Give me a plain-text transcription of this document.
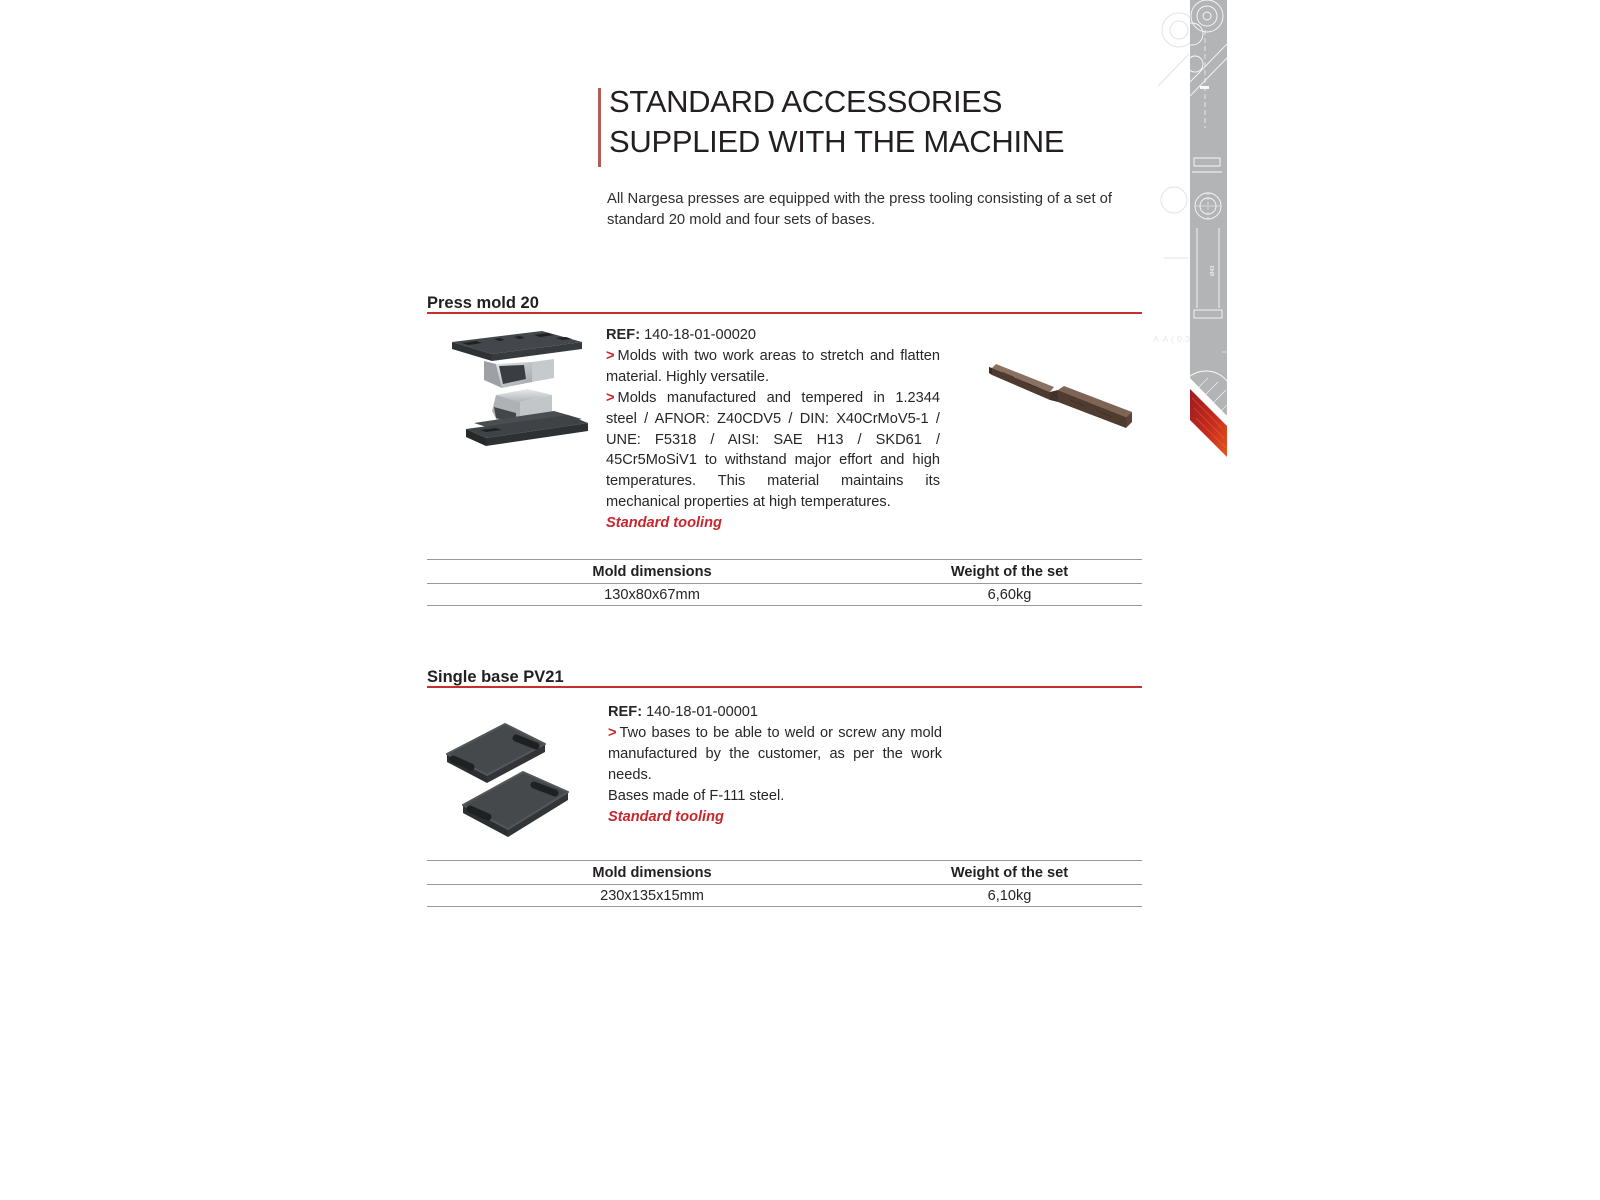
Ø43
A-A ( 0.3
STANDARD ACCESSORIES
SUPPLIED WITH THE MACHINE
All Nargesa presses are equipped with the press tooling consisting of a set of
standard 20 mold and four sets of bases.
Press mold 20

REF: 140-18-01-00020

> Molds with two work areas to stretch and flatten material. Highly versatile.

> Molds manufactured and tempered in 1.2344 steel / AFNOR: Z40CDV5 / DIN: X40CrMoV5-1 / UNE: F5318 / AISI: SAE H13 / SKD61 / 45Cr5MoSiV1 to withstand major effort and high temperatures. This material maintains its mechanical properties at high temperatures.

Standard tooling

Mold dimensions	Weight of the set
130x80x67mm	6,60kg
Single base PV21

REF: 140-18-01-00001

> Two bases to be able to weld or screw any mold manufactured by the customer, as per the work needs.

Bases made of F-111 steel.

Standard tooling

Mold dimensions	Weight of the set
230x135x15mm	6,10kg
